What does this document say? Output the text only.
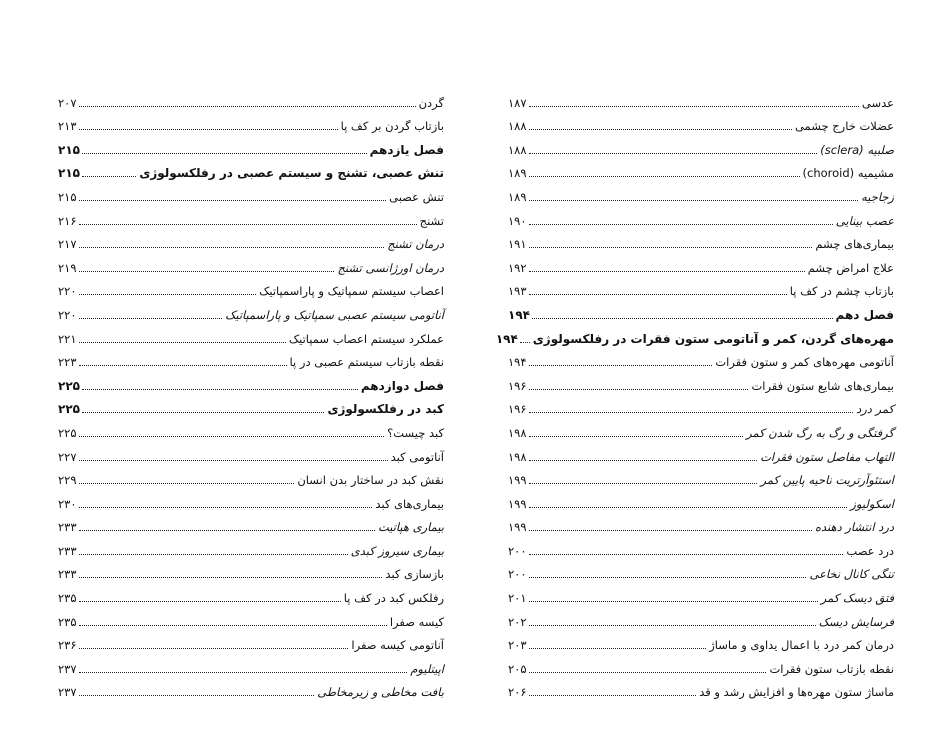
عدسی
۱۸۷
عضلات خارج چشمی
۱۸۸
صلبیه (sclera)
۱۸۸
مشیمیه (choroid)
۱۸۹
زجاجیه
۱۸۹
عصب بینایی
۱۹۰
بیماری‌های چشم
۱۹۱
علاج امراض چشم
۱۹۲
بازتاب چشم در کف پا
۱۹۳
فصل دهم
۱۹۴
مهره‌های گردن، کمر و آناتومی ستون فقرات در رفلکسولوژی
۱۹۴
آناتومی مهره‌های کمر و ستون فقرات
۱۹۴
بیماری‌های شایع ستون فقرات
۱۹۶
کمر درد
۱۹۶
گرفتگی و رگ به رگ شدن کمر
۱۹۸
التهاب مفاصل ستون فقرات
۱۹۸
استئوآرتریت ناحیه پایین کمر
۱۹۹
اسکولیوز
۱۹۹
درد انتشار دهنده
۱۹۹
درد عصب
۲۰۰
تنگی کانال نخاعی
۲۰۰
فتق دیسک کمر
۲۰۱
فرسایش دیسک
۲۰۲
درمان کمر درد با اعمال یداوی و ماساژ
۲۰۳
نقطه بازتاب ستون فقرات
۲۰۵
ماساژ ستون مهره‌ها و افزایش رشد و قد
۲۰۶
گردن
۲۰۷
بازتاب گردن بر کف پا
۲۱۳
فصل یازدهم
۲۱۵
تنش عصبی، تشنج و سیستم عصبی در رفلکسولوژی
۲۱۵
تنش عصبی
۲۱۵
تشنج
۲۱۶
درمان تشنج
۲۱۷
درمان اورژانسی تشنج
۲۱۹
اعصاب سیستم سمپاتیک و پاراسمپاتیک
۲۲۰
آناتومی سیستم عصبی سمپاتیک و پاراسمپاتیک
۲۲۰
عملکرد سیستم اعصاب سمپاتیک
۲۲۱
نقطه بازتاب سیستم عصبی در پا
۲۲۳
فصل دوازدهم
۲۲۵
کبد در رفلکسولوژی
۲۲۵
کبد چیست؟
۲۲۵
آناتومی کبد
۲۲۷
نقش کبد در ساختار بدن انسان
۲۲۹
بیماری‌های کبد
۲۳۰
بیماری هپاتیت
۲۳۳
بیماری سیروز کبدی
۲۳۳
بازسازی کبد
۲۳۳
رفلکس کبد در کف پا
۲۳۵
کیسه صفرا
۲۳۵
آناتومی کیسه صفرا
۲۳۶
اپیتلیوم
۲۳۷
بافت مخاطی و زیرمخاطی
۲۳۷
